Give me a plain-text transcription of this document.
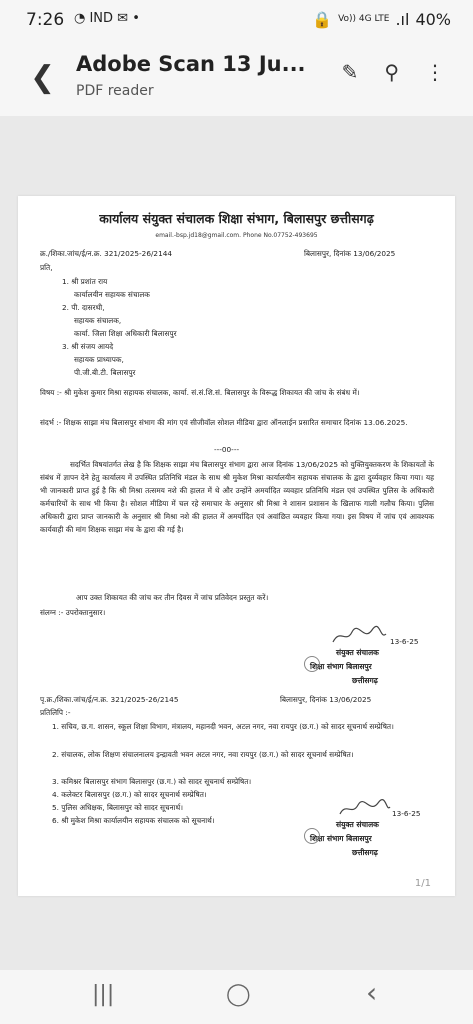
7:26 ◔ IND ✉ •	🔒 Vo)) 4G LTE .ıl 40%
❮ Adobe Scan 13 Ju...
PDF reader
✎ ⚲ ⋮
कार्यालय संयुक्त संचालक शिक्षा संभाग, बिलासपुर छत्तीसगढ़
email.-bsp.jd18@gmail.com. Phone No.07752-493695
क्र./शिका.जांच/ई/न.क्र. 321/2025-26/2144	बिलासपुर, दिनांक 13/06/2025
प्रति,
1. श्री प्रशांत राय
कार्यालयीन सहायक संचालक
2. पी. दासरथी,
सहायक संचालक,
कार्या. जिला शिक्षा अधिकारी बिलासपुर
3. श्री संजय आयदे
सहायक प्राध्यापक,
पी.जी.बी.टी. बिलासपुर
विषय :- श्री मुकेश कुमार मिश्रा सहायक संचालक, कार्या. सं.सं.शि.सं. बिलासपुर के विरूद्ध शिकायत की जांच के संबंध में।
संदर्भ :- शिक्षक साझा मंच बिलासपुर संभाग की मांग एवं सीजीवॉल सोशल मीडिया द्वारा ऑनलाईन प्रसारित समाचार दिनांक 13.06.2025.
---00---
सदर्भित विषयांतर्गत लेख है कि शिक्षक साझा मंच बिलासपुर संभाग द्वारा आज दिनांक 13/06/2025 को युक्तियुक्तकरण के शिकायतों के संबंध में ज्ञापन देने हेतु कार्यालय में उपस्थित प्रतिनिधि मंडल के साथ श्री मुकेश मिश्रा कार्यालयीन सहायक संचालक के द्वारा दुर्व्यवहार किया गया। यह भी जानकारी प्राप्त हुई है कि श्री मिश्रा तत्समय नशे की हालत में थे और उन्होंने अमर्यादित व्यवहार प्रतिनिधि मंडल एवं उपस्थित पुलिस के अधिकारी कर्मचारियों के साथ भी किया है। सोशल मीडिया में चल रहे समाचार के अनुसार श्री मिश्रा ने शासन प्रशासन के खिलाफ गाली गलौच किया। पुलिस अधिकारी द्वारा प्राप्त जानकारी के अनुसार श्री मिश्रा नशे की हालत में अमर्यादित एवं अवांछित व्यवहार किया गया। इस विषय में जांच एवं आवश्यक कार्यवाही की मांग शिक्षक साझा मंच के द्वारा की गई है।
आप उक्त शिकायत की जांच कर तीन दिवस में जांच प्रतिवेदन प्रस्तुत करें।
संलग्न :- उपरोक्तानुसार।
13-6-25
संयुक्त संचालक
शिक्षा संभाग बिलासपुर
छत्तीसगढ़
पृ.क्र./शिका.जांच/ई/न.क्र. 321/2025-26/2145	बिलासपुर, दिनांक 13/06/2025
प्रतिलिपि :-
1. सचिव, छ.ग. शासन, स्कूल शिक्षा विभाग, मंत्रालय, महानदी भवन, अटल नगर, नवा रायपुर (छ.ग.) को सादर सूचनार्थ सम्प्रेषित।
2. संचालक, लोक शिक्षण संचालनालय इन्द्रावती भवन अटल नगर, नवा रायपुर (छ.ग.) को सादर सूचनार्थ सम्प्रेषित।
3. कमिश्नर बिलासपुर संभाग बिलासपुर (छ.ग.) को सादर सूचनार्थ सम्प्रेषित।
4. कलेक्टर बिलासपुर (छ.ग.) को सादर सूचनार्थ सम्प्रेषित।
5. पुलिस अधिक्षक, बिलासपुर को सादर सूचनार्थ।
6. श्री मुकेश मिश्रा कार्यालयीन सहायक संचालक को सूचनार्थ।
13-6-25
संयुक्त संचालक
शिक्षा संभाग बिलासपुर
छत्तीसगढ़
1/1
|||	◯	‹
